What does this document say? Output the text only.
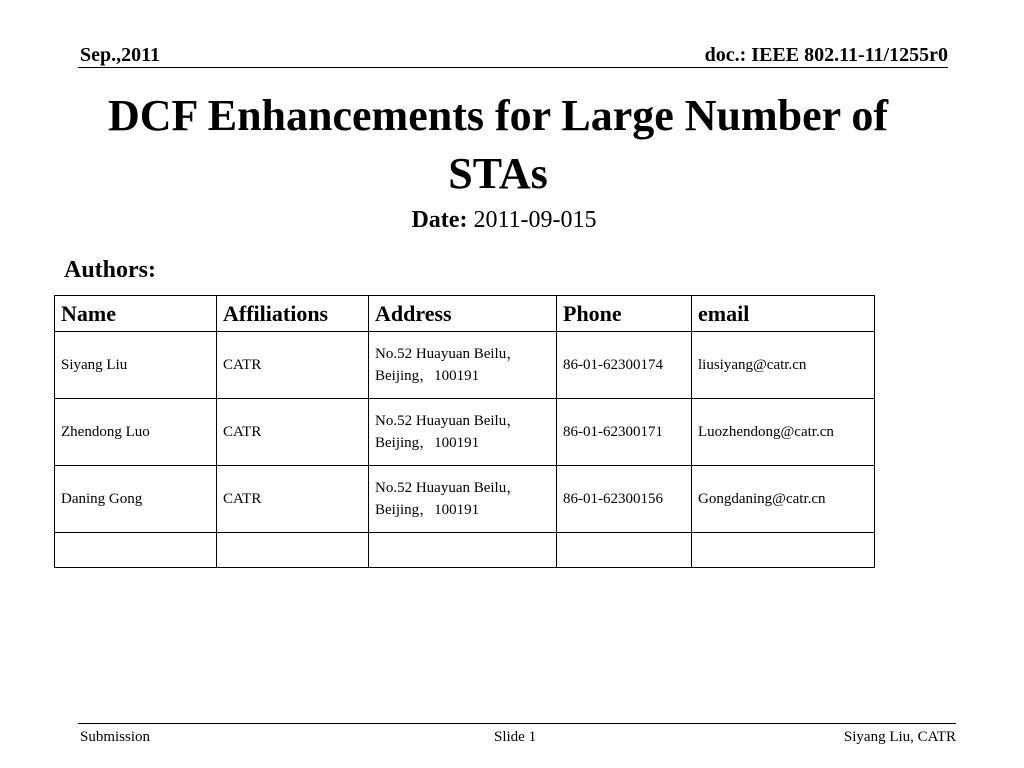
Sep.,2011	doc.: IEEE 802.11-11/1255r0
DCF Enhancements for Large Number of STAs
Date: 2011-09-015
Authors:
Name	Affiliations	Address	Phone	email
Siyang Liu	CATR	No.52 Huayuan Beilu，Beijing，100191	86-01-62300174	liusiyang@catr.cn
Zhendong Luo	CATR	No.52 Huayuan Beilu，Beijing，100191	86-01-62300171	Luozhendong@catr.cn
Daning Gong	CATR	No.52 Huayuan Beilu，Beijing，100191	86-01-62300156	Gongdaning@catr.cn

Submission	Slide 1	Siyang Liu, CATR
